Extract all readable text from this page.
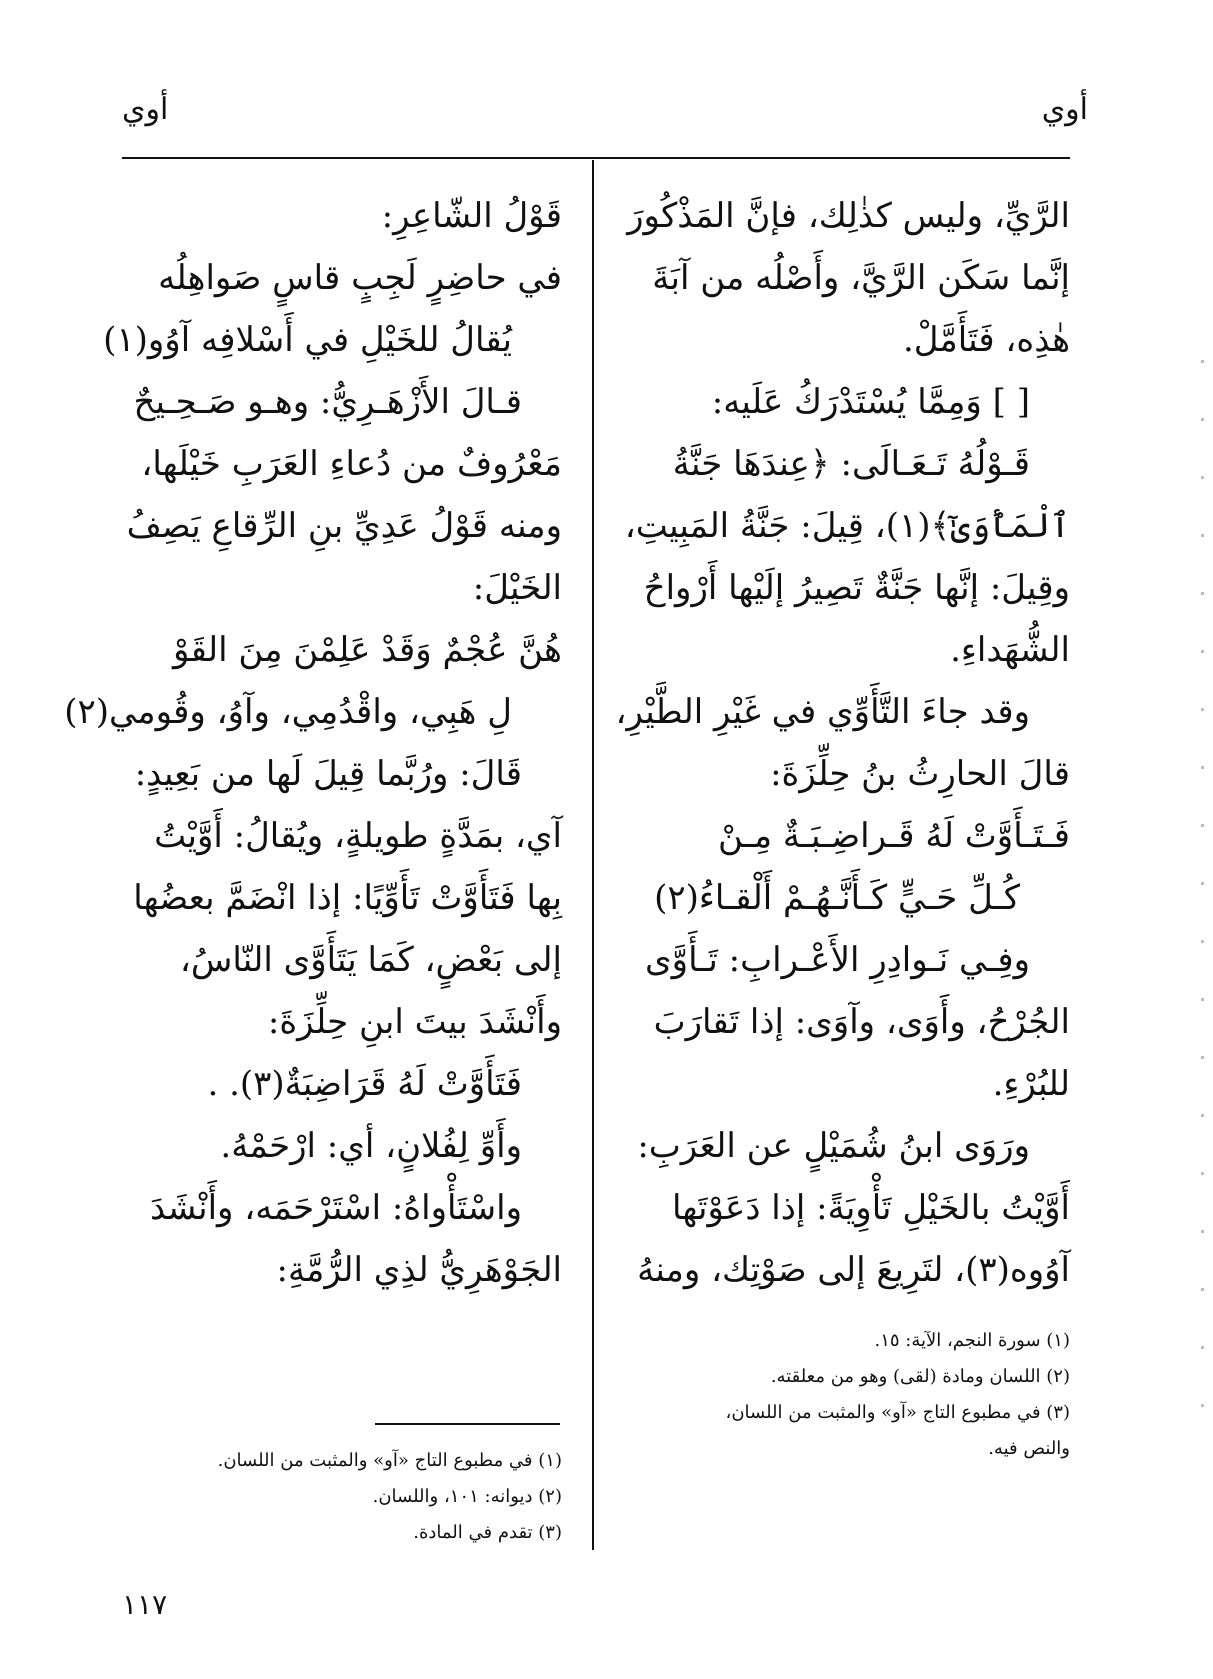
أوي
أوي
الرَّيِّ، وليس كذٰلِك، فإنَّ المَذْكُورَ
إنَّما سَكَن الرَّيَّ، وأَصْلُه من آبَةَ
هٰذِه، فَتَأَمَّلْ.
[ ] وَمِمَّا يُسْتَدْرَكُ عَلَيه:
قَـوْلُهُ تَـعَـالَى: ﴿عِندَهَا جَنَّةُ
ٱلْمَأْوَىٰٓ﴾(١)، قِيلَ: جَنَّةُ المَبِيتِ،
وقِيلَ: إنَّها جَنَّةٌ تَصِيرُ إلَيْها أَرْواحُ
الشُّهَداءِ.
وقد جاءَ التَّأَوِّي في غَيْرِ الطَّيْرِ،
قالَ الحارِثُ بنُ حِلِّزَةَ:
فَـتَـأَوَّتْ لَهُ قَـراضِـبَـةٌ مِـنْ
كُـلِّ حَـيٍّ كَـأَنَّـهُـمْ أَلْقـاءُ(٢)
وفِـي نَـوادِرِ الأَعْـرابِ: تَـأَوَّى
الجُرْحُ، وأَوَى، وآوَى: إذا تَقارَبَ
للبُرْءِ.
ورَوَى ابنُ شُمَيْلٍ عن العَرَبِ:
أَوَّيْتُ بالخَيْلِ تَأْوِيَةً: إذا دَعَوْتَها
آوُوه(٣)، لتَرِيعَ إلى صَوْتِك، ومنهُ
قَوْلُ الشّاعِرِ:
في حاضِرٍ لَجِبٍ قاسٍ صَواهِلُه
يُقالُ للخَيْلِ في أَسْلافِه آوُو(١)
قـالَ الأَزْهَـرِيُّ: وهـو صَـحِـيحٌ
مَعْرُوفٌ من دُعاءِ العَرَبِ خَيْلَها،
ومنه قَوْلُ عَدِيِّ بنِ الرِّقاعِ يَصِفُ
الخَيْلَ:
هُنَّ عُجْمٌ وَقَدْ عَلِمْنَ مِنَ القَوْ
لِ هَبِي، واقْدُمِي، وآوُ، وقُومي(٢)
قَالَ: ورُبَّما قِيلَ لَها من بَعِيدٍ:
آي، بمَدَّةٍ طويلةٍ، ويُقالُ: أَوَّيْتُ
بِها فَتَأَوَّتْ تَأَوِّيًا: إذا انْضَمَّ بعضُها
إلى بَعْضٍ، كَمَا يَتَأَوَّى النّاسُ،
وأَنْشَدَ بيتَ ابنِ حِلِّزَةَ:
فَتَأَوَّتْ لَهُ قَرَاضِبَةٌ(٣). .
وأَوِّ لِفُلانٍ، أي: ارْحَمْهُ.
واسْتَأْواهُ: اسْتَرْحَمَه، وأَنْشَدَ
الجَوْهَرِيُّ لذِي الرُّمَّةِ:
(١) سورة النجم، الآية: ١٥.
(٢) اللسان ومادة (لقى) وهو من معلقته.
(٣) في مطبوع التاج «آو» والمثبت من اللسان،
والنص فيه.
(١) في مطبوع التاج «آو» والمثبت من اللسان.
(٢) ديوانه: ١٠١، واللسان.
(٣) تقدم في المادة.
١١٧
